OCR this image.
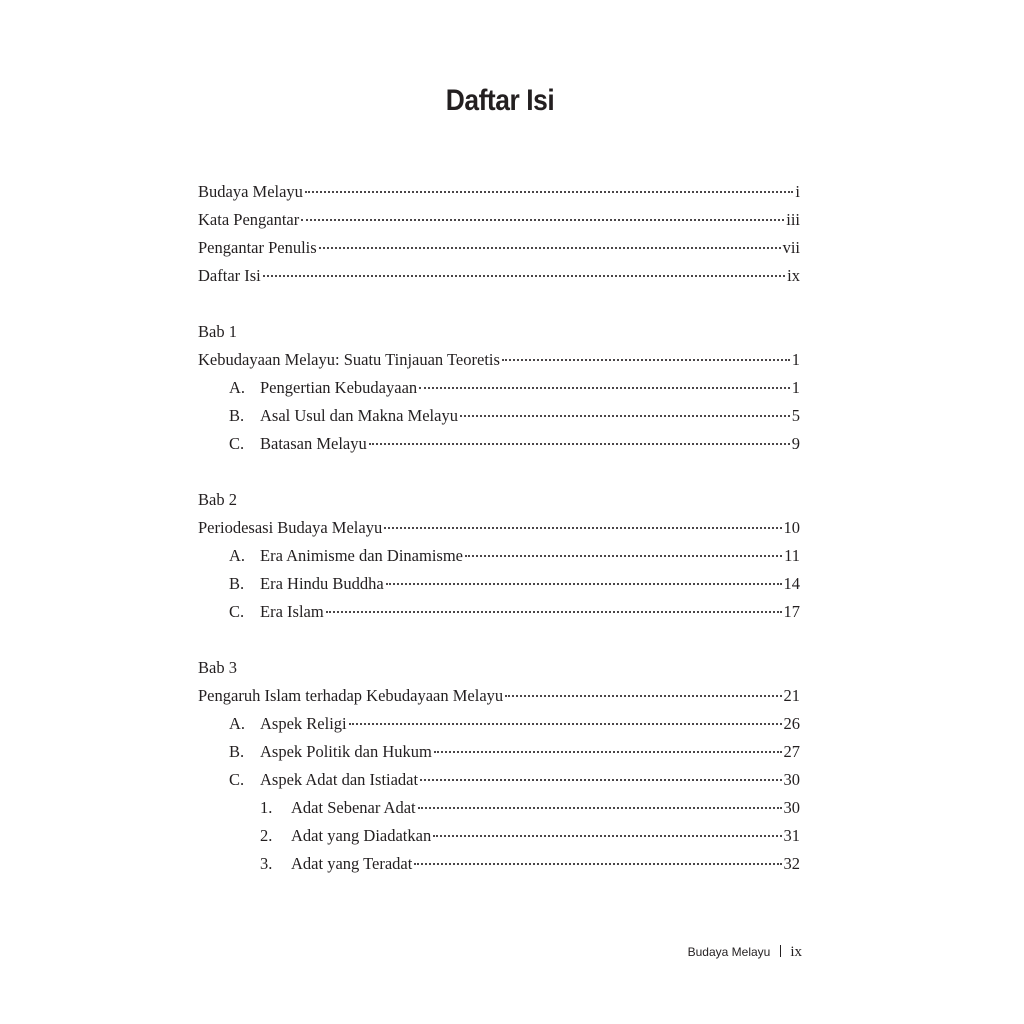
Daftar Isi
Budaya Melayu	i
Kata Pengantar	iii
Pengantar Penulis	vii
Daftar Isi	ix
Bab 1
Kebudayaan Melayu: Suatu Tinjauan Teoretis	1
A. Pengertian Kebudayaan	1
B. Asal Usul dan Makna Melayu	5
C. Batasan Melayu	9
Bab 2
Periodesasi Budaya Melayu	10
A. Era Animisme dan Dinamisme	11
B. Era Hindu Buddha	14
C. Era Islam	17
Bab 3
Pengaruh Islam terhadap Kebudayaan Melayu	21
A. Aspek Religi	26
B. Aspek Politik dan Hukum	27
C. Aspek Adat dan Istiadat	30
1.	Adat Sebenar Adat	30
2.	Adat yang Diadatkan	31
3.	Adat yang Teradat	32
Budaya Melayu ix
